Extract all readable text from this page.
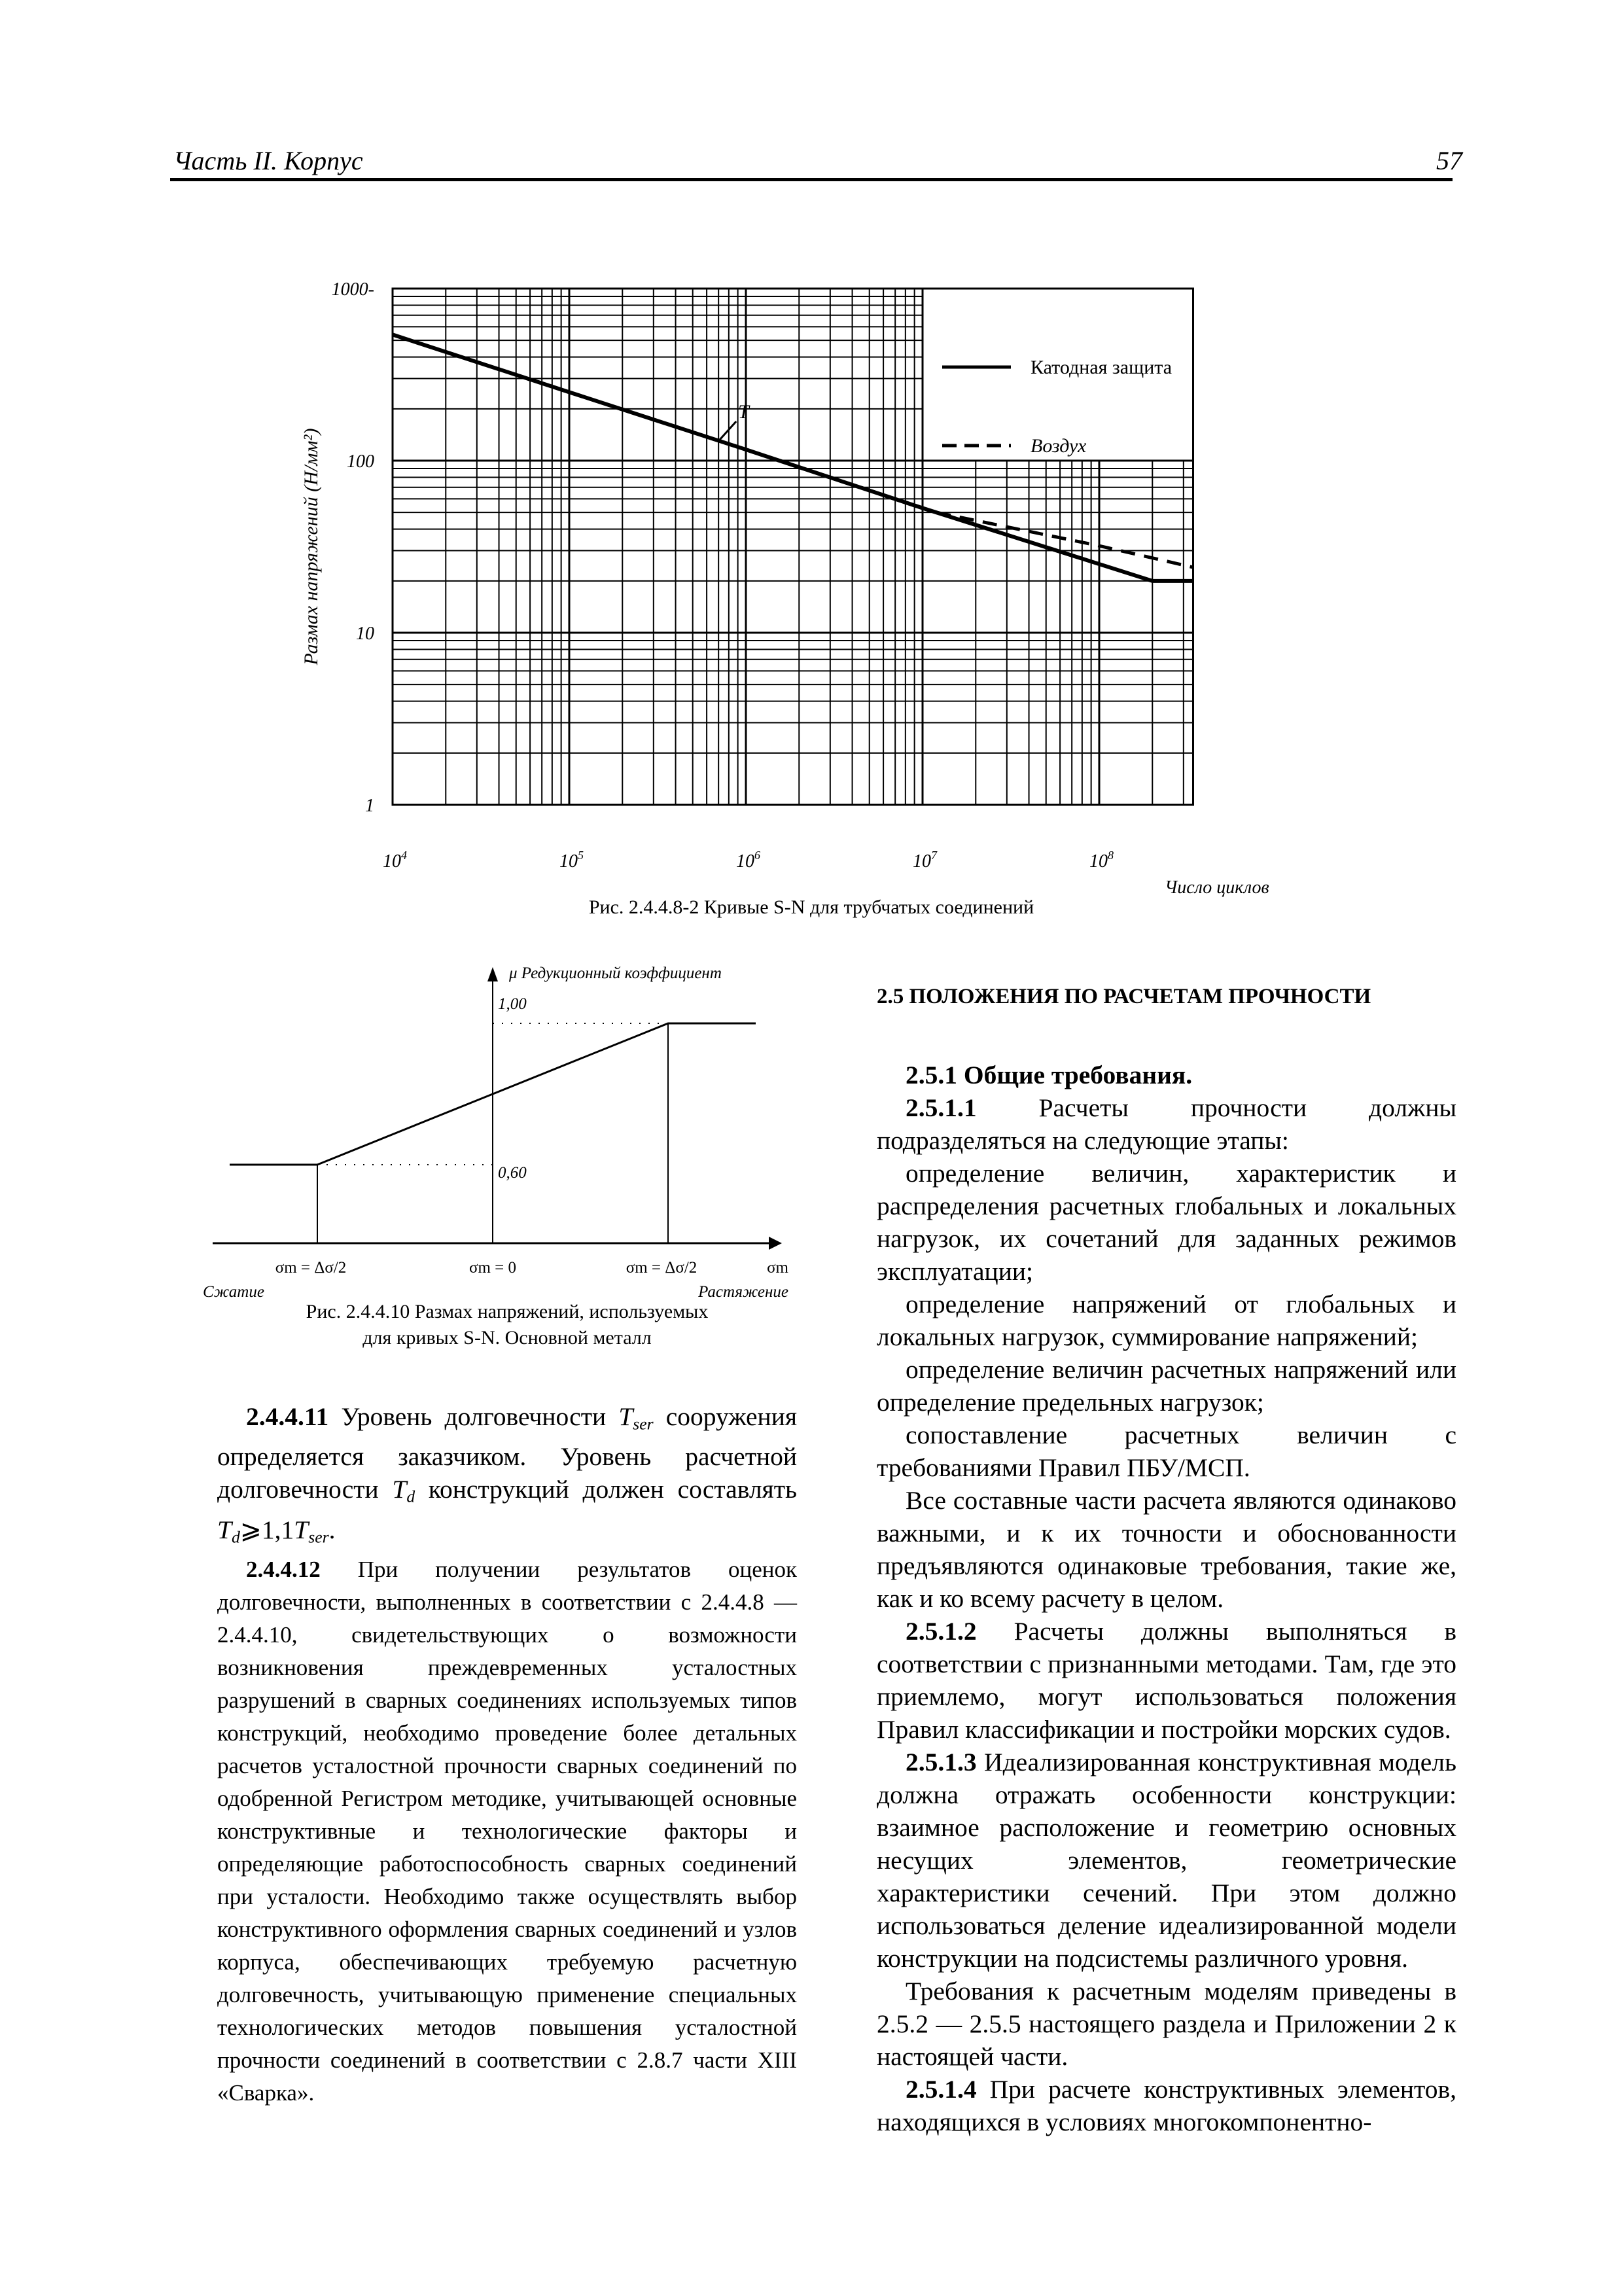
Часть II. Корпус	57
Катодная защита
Воздух
$10^4$	$10^5$	$10^6$	$10^7$	$10^8$
1
10
100
1000-
Размах напряжений (Н/мм²)
Число циклов
T
Рис. 2.4.4.8-2 Кривые S-N для трубчатых соединений
μ Редукционный коэффициент
1,00
0,60
σm = Δσ/2	σm = 0	σm = Δσ/2	σm
Сжатие	Растяжение
Рис. 2.4.4.10 Размах напряжений, используемых
для кривых S-N. Основной металл

2.4.4.11 Уровень долговечности $T_{ser}$ сооружения определяется заказчиком. Уровень расчетной долговечности $T_d$ конструкций должен составлять $T_d⩾1,1T_{ser}$.

2.4.4.12 При получении результатов оценок долговечности, выполненных в соответствии с 2.4.4.8 — 2.4.4.10, свидетельствующих о возможности возникновения преждевременных усталостных разрушений в сварных соединениях используемых типов конструкций, необходимо проведение более детальных расчетов усталостной прочности сварных соединений по одобренной Регистром методике, учитывающей основные конструктивные и технологические факторы и определяющие работоспособность сварных соединений при усталости. Необходимо также осуществлять выбор конструктивного оформления сварных соединений и узлов корпуса, обеспечивающих требуемую расчетную долговечность, учитывающую применение специальных технологических методов повышения усталостной прочности соединений в соответствии с 2.8.7 части XIII «Сварка».

2.5 ПОЛОЖЕНИЯ ПО РАСЧЕТАМ ПРОЧНОСТИ

2.5.1 Общие требования.

2.5.1.1 Расчеты прочности должны подразделяться на следующие этапы:

определение величин, характеристик и распределения расчетных глобальных и локальных нагрузок, их сочетаний для заданных режимов эксплуатации;

определение напряжений от глобальных и локальных нагрузок, суммирование напряжений;

определение величин расчетных напряжений или определение предельных нагрузок;

сопоставление расчетных величин с требованиями Правил ПБУ/МСП.

Все составные части расчета являются одинаково важными, и к их точности и обоснованности предъявляются одинаковые требования, такие же, как и ко всему расчету в целом.

2.5.1.2 Расчеты должны выполняться в соответствии с признанными методами. Там, где это приемлемо, могут использоваться положения Правил классификации и постройки морских судов.

2.5.1.3 Идеализированная конструктивная модель должна отражать особенности конструкции: взаимное расположение и геометрию основных несущих элементов, геометрические характеристики сечений. При этом должно использоваться деление идеализированной модели конструкции на подсистемы различного уровня.

Требования к расчетным моделям приведены в 2.5.2 — 2.5.5 настоящего раздела и Приложении 2 к настоящей части.

2.5.1.4 При расчете конструктивных элементов, находящихся в условиях многокомпонентно-
